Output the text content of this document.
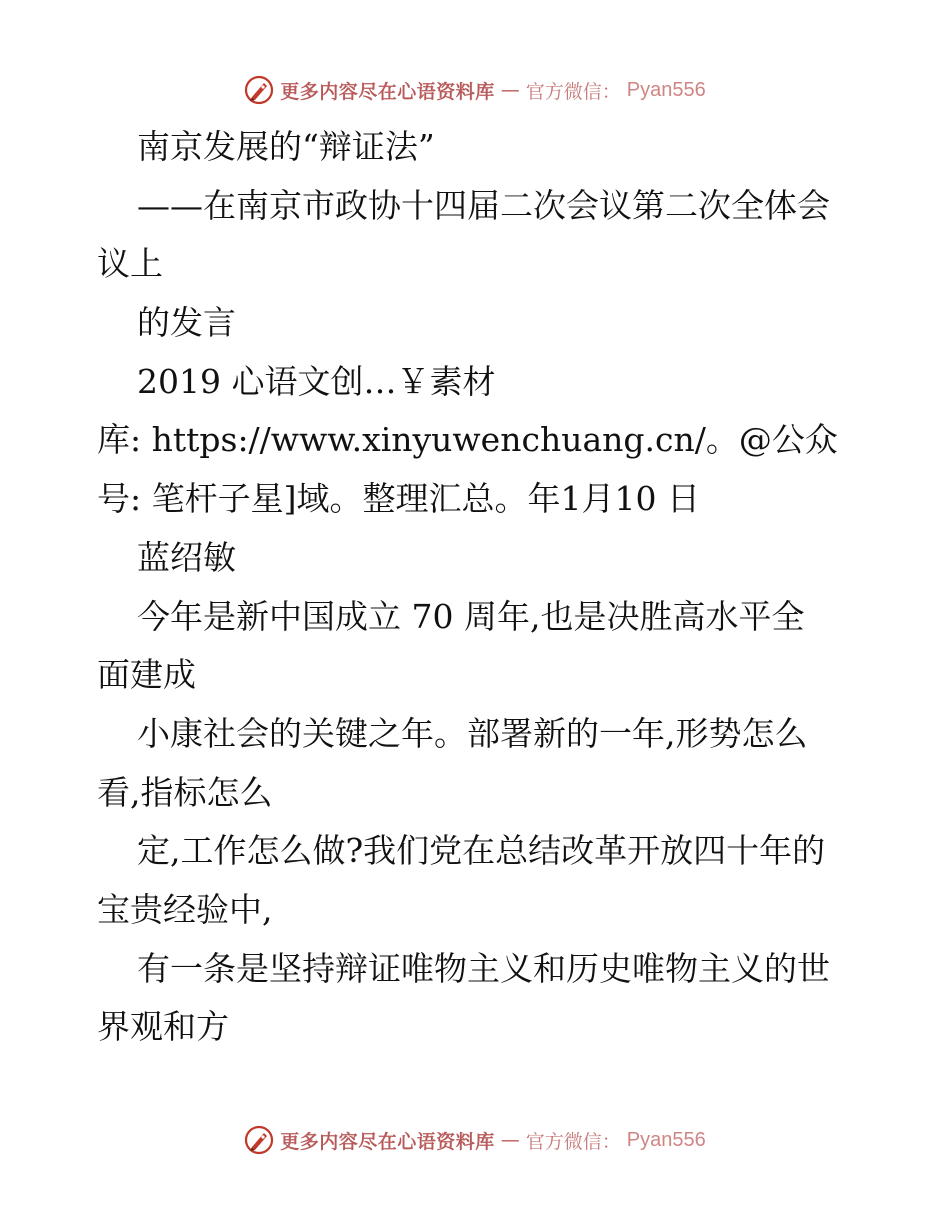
更多内容尽在心语资料库 — 官方微信： Pyan556
南京发展的“辩证法”
——在南京市政协十四届二次会议第二次全体会
议上
的发言
2019 心语文创…￥素材
库: https://www.xinyuwenchuang.cn/。@公众
号: 笔杆子星]域。整理汇总。年1月10 日
蓝绍敏
今年是新中国成立 70 周年,也是决胜高水平全
面建成
小康社会的关键之年。部署新的一年,形势怎么
看,指标怎么
定,工作怎么做?我们党在总结改革开放四十年的
宝贵经验中,
有一条是坚持辩证唯物主义和历史唯物主义的世
界观和方
更多内容尽在心语资料库 — 官方微信： Pyan556
